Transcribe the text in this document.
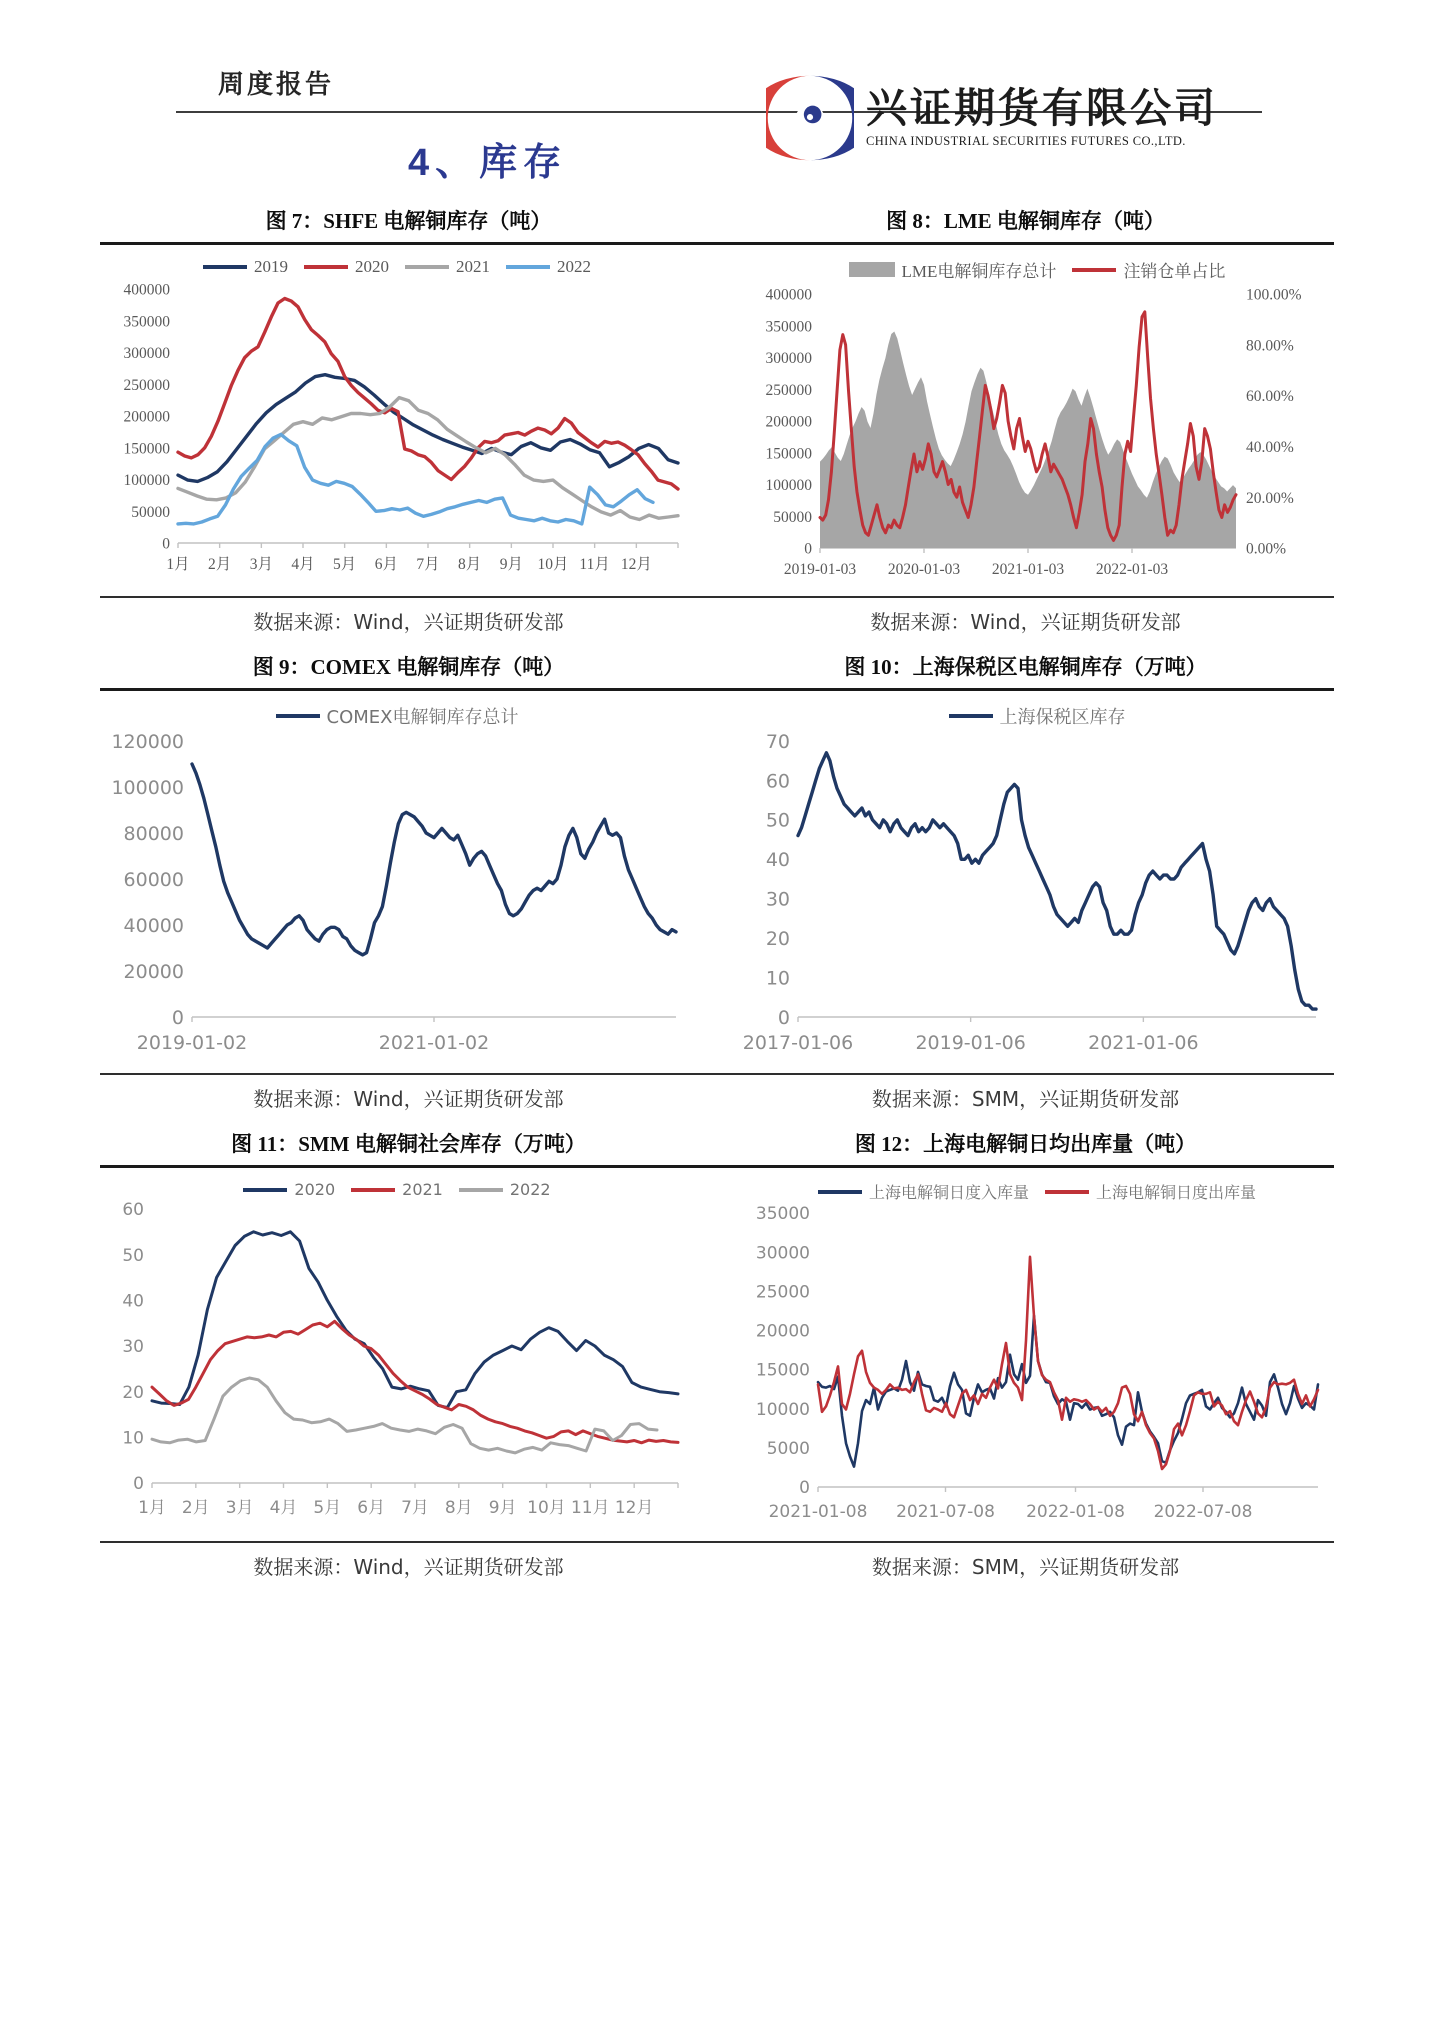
周度报告
兴证期货有限公司
CHINA INDUSTRIAL SECURITIES FUTURES CO.,LTD.
4、库存
图 7：SHFE 电解铜库存（吨）	图 8：LME 电解铜库存（吨）
2019	2020	2021	2022
0
50000
100000
150000
200000
250000
300000
350000
400000
1月 2月 3月 4月 5月 6月 7月 8月 9月 10月 11月 12月
LME电解铜库存总计	注销仓单占比
0
50000
100000
150000
200000
250000
300000
350000
400000
0.00%
20.00%
40.00%
60.00%
80.00%
100.00%
2019-01-03 2020-01-03 2021-01-03 2022-01-03
数据来源：Wind，兴证期货研发部	数据来源：Wind，兴证期货研发部
图 9：COMEX 电解铜库存（吨）	图 10：上海保税区电解铜库存（万吨）
COMEX电解铜库存总计
0
20000
40000
60000
80000
100000
120000
2019-01-02	2021-01-02
上海保税区库存
0
10
20
30
40
50
60
70
2017-01-06	2019-01-06	2021-01-06
数据来源：Wind，兴证期货研发部	数据来源：SMM，兴证期货研发部
图 11：SMM 电解铜社会库存（万吨）	图 12：上海电解铜日均出库量（吨）
2020	2021	2022
0
10
20
30
40
50
60
1月 2月 3月 4月 5月 6月 7月 8月 9月 10月 11月 12月
上海电解铜日度入库量	上海电解铜日度出库量
0
5000
10000
15000
20000
25000
30000
35000
2021-01-08 2021-07-08 2022-01-08 2022-07-08
数据来源：Wind，兴证期货研发部	数据来源：SMM，兴证期货研发部
